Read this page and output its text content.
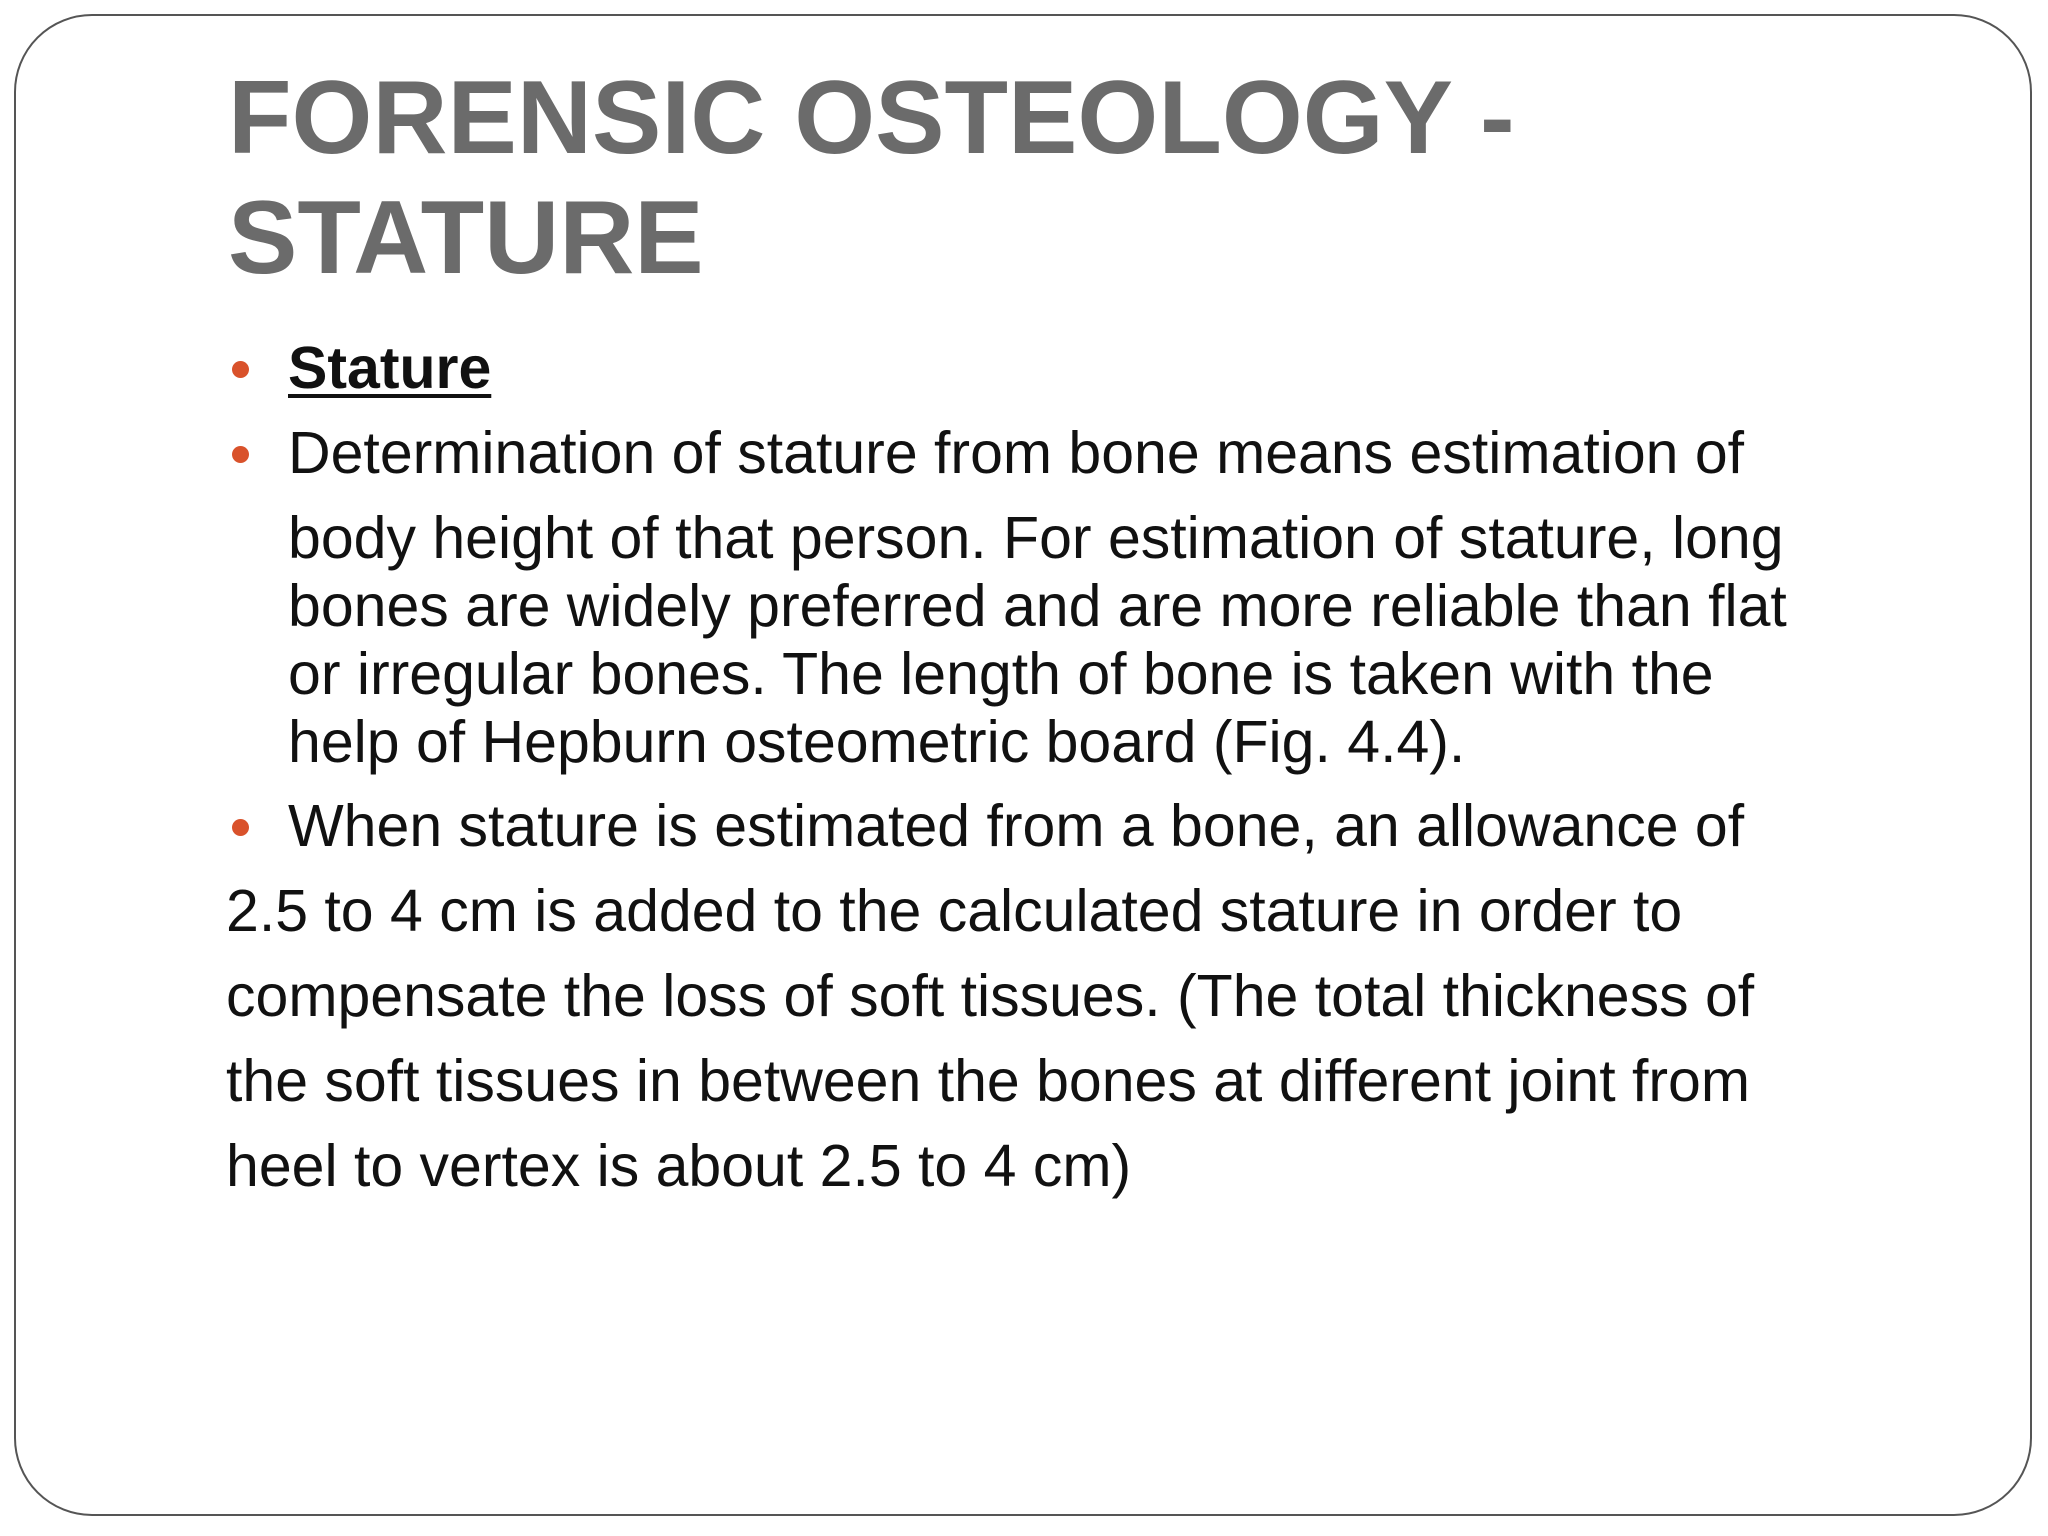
FORENSIC OSTEOLOGY -
STATURE

Stature

Determination of stature from bone means estimation of

body height of that person. For estimation of stature, long

bones are widely preferred and are more reliable than flat

or irregular bones. The length of bone is taken with the

help of Hepburn osteometric board (Fig. 4.4).

When stature is estimated from a bone, an allowance of

2.5 to 4 cm is added to the calculated stature in order to

compensate the loss of soft tissues. (The total thickness of

the soft tissues in between the bones at different joint from

heel to vertex is about 2.5 to 4 cm)
